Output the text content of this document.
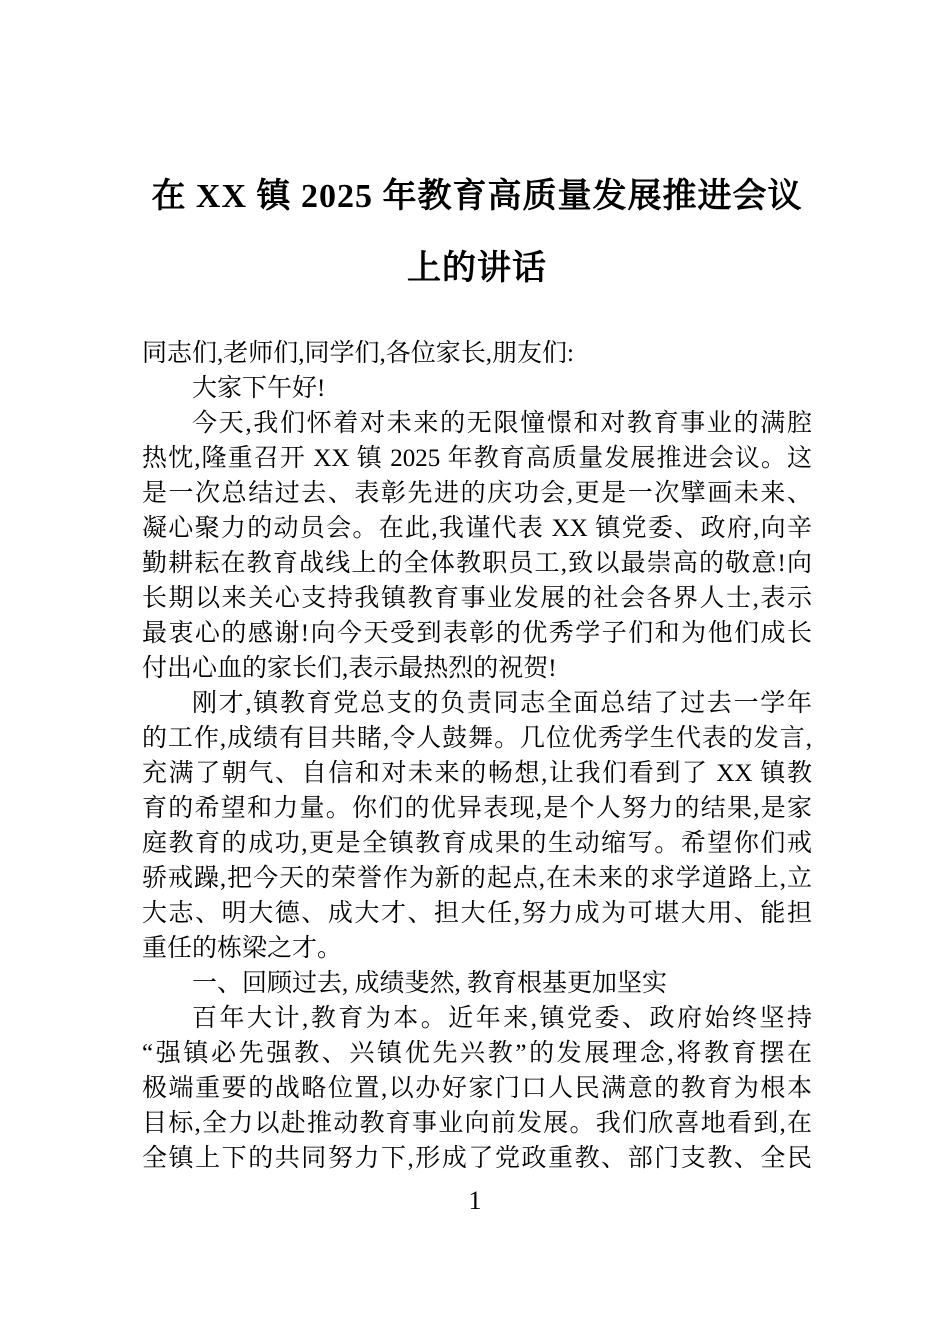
在 XX 镇 2025 年教育高质量发展推进会议
上的讲话
同志们,老师们,同学们,各位家长,朋友们:
大家下午好!
今天,我们怀着对未来的无限憧憬和对教育事业的满腔
热忱,隆重召开 XX 镇 2025 年教育高质量发展推进会议。这
是一次总结过去、表彰先进的庆功会,更是一次擘画未来、
凝心聚力的动员会。在此,我谨代表 XX 镇党委、政府,向辛
勤耕耘在教育战线上的全体教职员工,致以最崇高的敬意!向
长期以来关心支持我镇教育事业发展的社会各界人士,表示
最衷心的感谢!向今天受到表彰的优秀学子们和为他们成长
付出心血的家长们,表示最热烈的祝贺!
刚才,镇教育党总支的负责同志全面总结了过去一学年
的工作,成绩有目共睹,令人鼓舞。几位优秀学生代表的发言,
充满了朝气、自信和对未来的畅想,让我们看到了 XX 镇教
育的希望和力量。你们的优异表现,是个人努力的结果,是家
庭教育的成功,更是全镇教育成果的生动缩写。希望你们戒
骄戒躁,把今天的荣誉作为新的起点,在未来的求学道路上,立
大志、明大德、成大才、担大任,努力成为可堪大用、能担
重任的栋梁之才。
一、回顾过去, 成绩斐然, 教育根基更加坚实
百年大计,教育为本。近年来,镇党委、政府始终坚持
“强镇必先强教、兴镇优先兴教”的发展理念,将教育摆在
极端重要的战略位置,以办好家门口人民满意的教育为根本
目标,全力以赴推动教育事业向前发展。我们欣喜地看到,在
全镇上下的共同努力下,形成了党政重教、部门支教、全民
1
